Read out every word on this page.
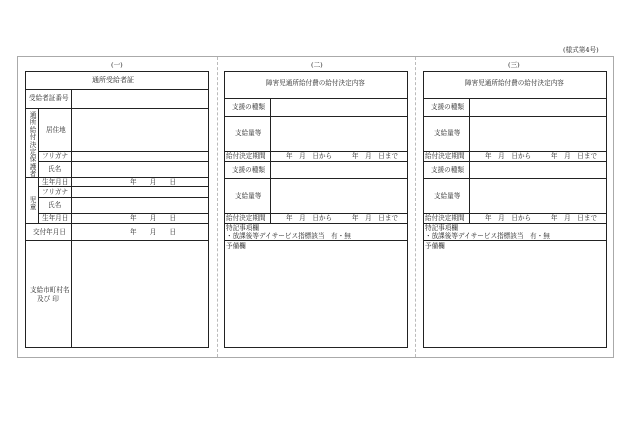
(様式第4号)
(一)	(二)	(三)
通所受給者証
受給者証番号
通所給付決定保護者
居住地
フリガナ
氏名
生年月日	年　　月　　日
児童
フリガナ
氏名
生年月日	年　　月　　日
交付年月日	年　　月　　日
支給市町村名
及び 印
障害児通所給付費の給付決定内容
支援の種類
支給量等
給付決定期間	年　月　日から　　　年　月　日まで
支援の種類
支給量等
給付決定期間	年　月　日から　　　年　月　日まで
特記事項欄
・放課後等デイサービス指標該当　有・無
予備欄
障害児通所給付費の給付決定内容
支援の種類
支給量等
給付決定期間	年　月　日から　　　年　月　日まで
支援の種類
支給量等
給付決定期間	年　月　日から　　　年　月　日まで
特記事項欄
・放課後等デイサービス指標該当　有・無
予備欄
